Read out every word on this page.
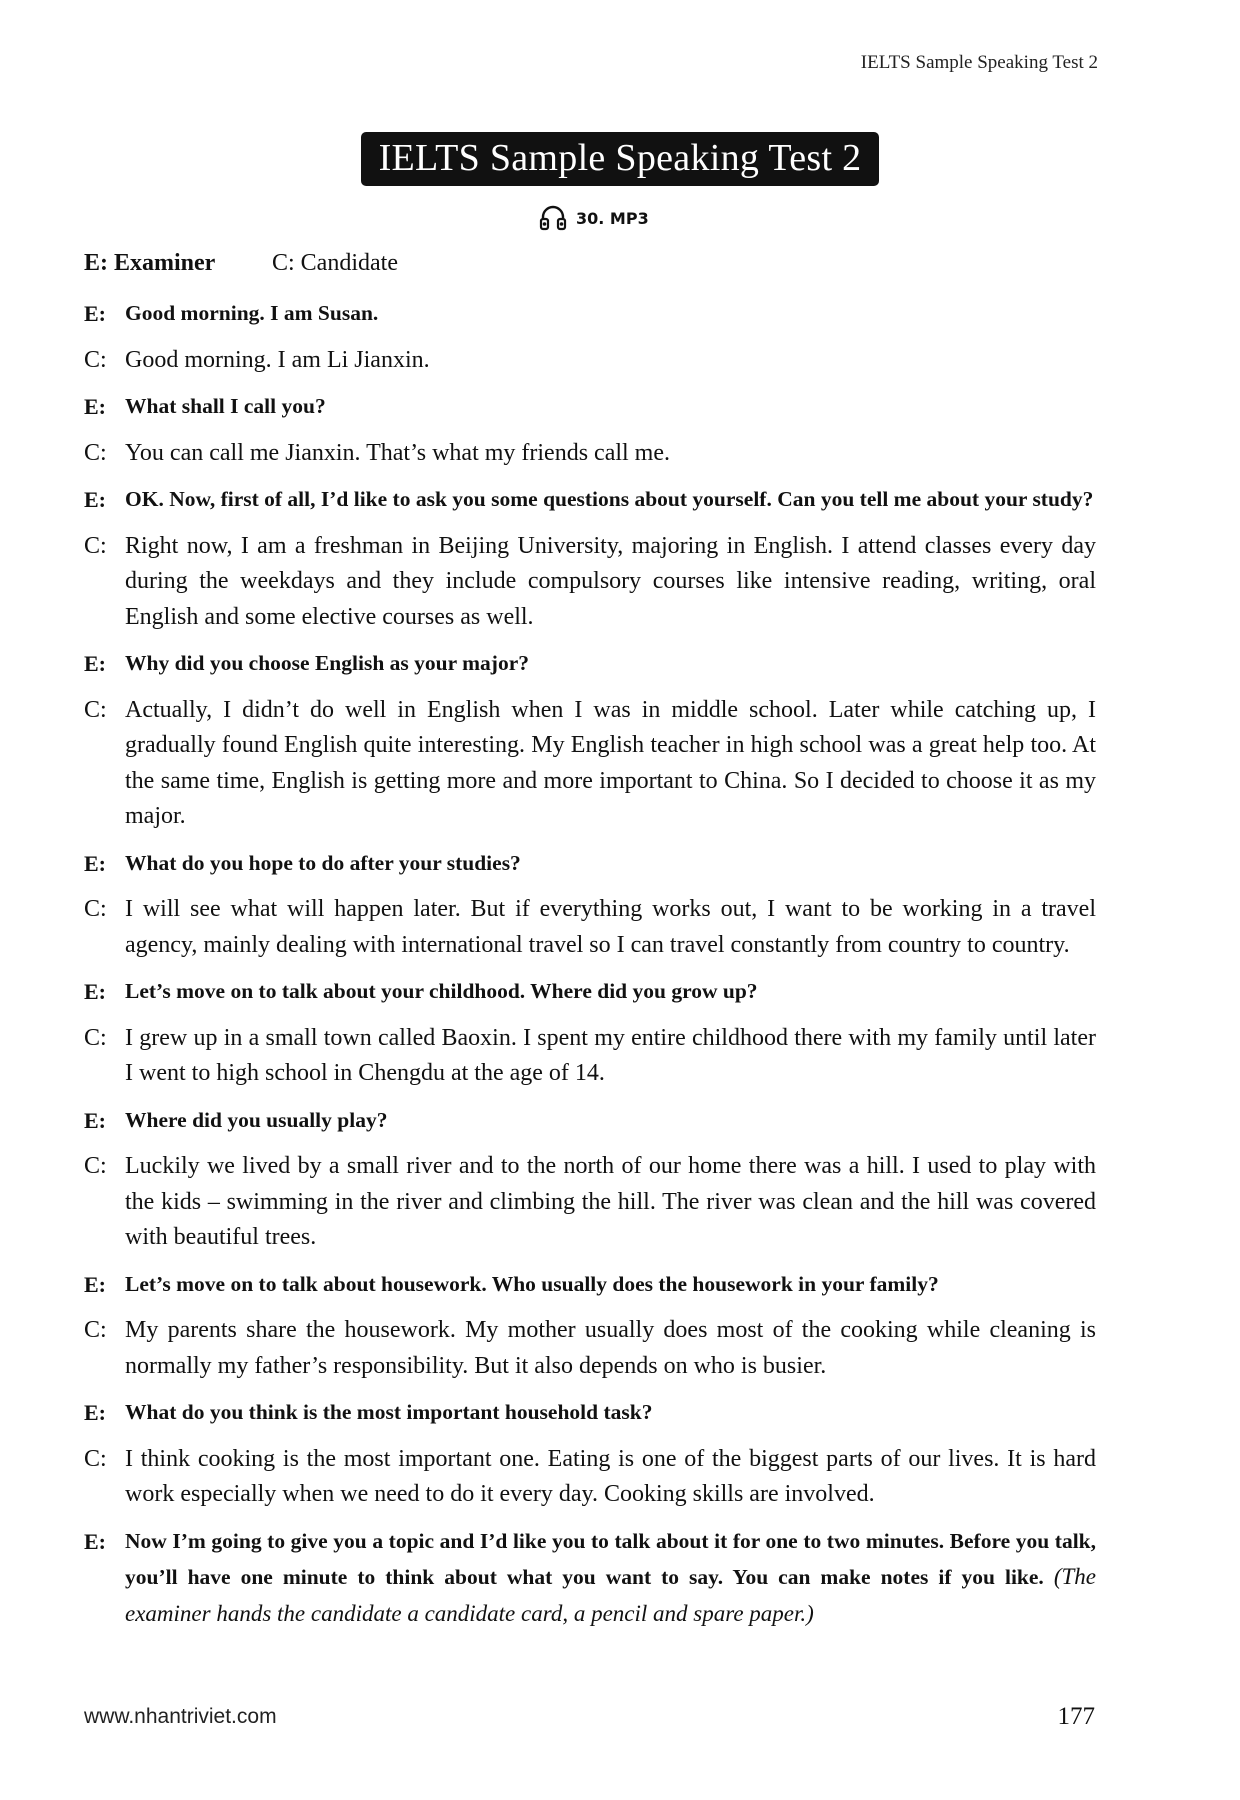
IELTS Sample Speaking Test 2
IELTS Sample Speaking Test 2
30. MP3
E: Examiner	C: Candidate
E: Good morning. I am Susan.
C: Good morning. I am Li Jianxin.
E: What shall I call you?
C: You can call me Jianxin. That’s what my friends call me.
E: OK. Now, first of all, I’d like to ask you some questions about yourself. Can you tell me about your study?
C: Right now, I am a freshman in Beijing University, majoring in English. I attend classes every day during the weekdays and they include compulsory courses like intensive reading, writing, oral English and some elective courses as well.
E: Why did you choose English as your major?
C: Actually, I didn’t do well in English when I was in middle school. Later while catching up, I gradually found English quite interesting. My English teacher in high school was a great help too. At the same time, English is getting more and more important to China. So I decided to choose it as my major.
E: What do you hope to do after your studies?
C: I will see what will happen later. But if everything works out, I want to be working in a travel agency, mainly dealing with international travel so I can travel constantly from country to country.
E: Let’s move on to talk about your childhood. Where did you grow up?
C: I grew up in a small town called Baoxin. I spent my entire childhood there with my family until later I went to high school in Chengdu at the age of 14.
E: Where did you usually play?
C: Luckily we lived by a small river and to the north of our home there was a hill. I used to play with the kids – swimming in the river and climbing the hill. The river was clean and the hill was covered with beautiful trees.
E: Let’s move on to talk about housework. Who usually does the housework in your family?
C: My parents share the housework. My mother usually does most of the cooking while cleaning is normally my father’s responsibility. But it also depends on who is busier.
E: What do you think is the most important household task?
C: I think cooking is the most important one. Eating is one of the biggest parts of our lives. It is hard work especially when we need to do it every day. Cooking skills are involved.
E: Now I’m going to give you a topic and I’d like you to talk about it for one to two minutes. Before you talk, you’ll have one minute to think about what you want to say. You can make notes if you like. (The examiner hands the candidate a candidate card, a pencil and spare paper.)
www.nhantriviet.com	177
